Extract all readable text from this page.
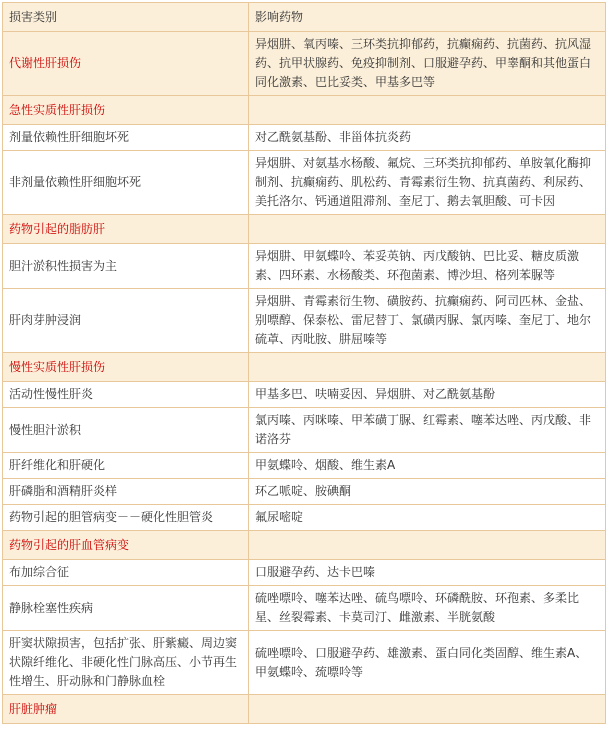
损害类别	影响药物
代谢性肝损伤	异烟肼、氧丙嗪、三环类抗抑郁药，抗癫痫药、抗菌药、抗风湿药、抗甲状腺药、免疫抑制剂、口服避孕药、甲睾酮和其他蛋白同化激素、巴比妥类、甲基多巴等
急性实质性肝损伤	
剂量依赖性肝细胞坏死	对乙酰氨基酚、非甾体抗炎药
非剂量依赖性肝细胞坏死	异烟肼、对氨基水杨酸、氟烷、三环类抗抑郁药、单胺氧化酶抑制剂、抗癫痫药、肌松药、青霉素衍生物、抗真菌药、利尿药、美托洛尔、钙通道阻滞剂、奎尼丁、鹅去氧胆酸、可卡因
药物引起的脂肪肝	
胆汁淤积性损害为主	异烟肼、甲氨蝶呤、苯妥英钠、丙戊酸钠、巴比妥、糖皮质激素、四环素、水杨酸类、环孢菌素、博沙坦、格列苯脲等
肝肉芽肿浸润	异烟肼、青霉素衍生物、磺胺药、抗癫痫药、阿司匹林、金盐、别嘌醇、保泰松、雷尼替丁、氯磺丙脲、氯丙嗪、奎尼丁、地尔硫䓬、丙吡胺、肼屈嗪等
慢性实质性肝损伤	
活动性慢性肝炎	甲基多巴、呋喃妥因、异烟肼、对乙酰氨基酚
慢性胆汁淤积	氯丙嗪、丙咪嗪、甲苯磺丁脲、红霉素、噻苯达唑、丙戊酸、非诺洛芬
肝纤维化和肝硬化	甲氨蝶呤、烟酸、维生素A
肝磷脂和酒精肝炎样	环乙哌啶、胺碘酮
药物引起的胆管病变－－硬化性胆管炎	氟尿嘧啶
药物引起的肝血管病变	
布加综合征	口服避孕药、达卡巴嗪
静脉栓塞性疾病	硫唑嘌呤、噻苯达唑、硫鸟嘌呤、环磷酰胺、环孢素、多柔比星、丝裂霉素、卡莫司汀、雌激素、半胱氨酸
肝窦状隙损害，包括扩张、肝紫癜、周边窦状隙纤维化、非硬化性门脉高压、小节再生性增生、肝动脉和门静脉血栓	硫唑嘌呤、口服避孕药、雄激素、蛋白同化类固醇、维生素A、甲氨蝶呤、巯嘌呤等
肝脏肿瘤	
